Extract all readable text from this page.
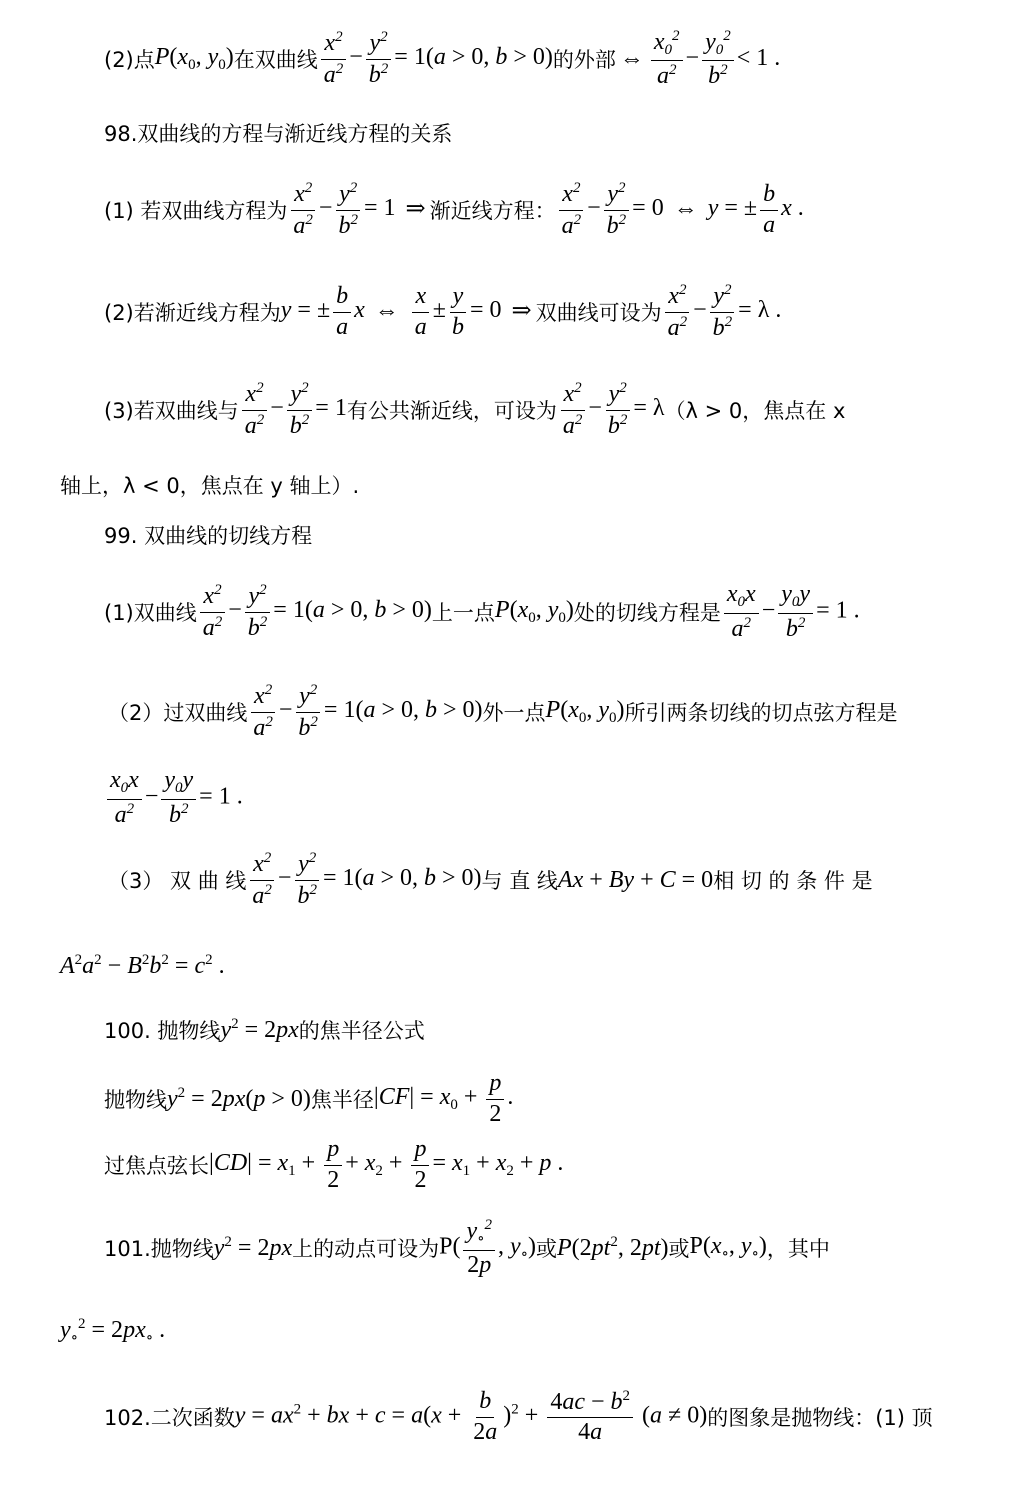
(2)点 $P(x_0$, $y_0$) 在双曲线 $\frac{x^2}{a^2} - \frac{y^2}{b^2} = 1(a > 0$, b > 0) 的外部 ⇔ $\frac{x_0^2}{a^2} - \frac{y_0^2}{b^2} < 1$ .
98.双曲线的方程与渐近线方程的关系
(1) 若双曲线方程为 $\frac{x^2}{a^2} - \frac{y^2}{b^2} = 1$ ⇒ 渐近线方程： $\frac{x^2}{a^2} - \frac{y^2}{b^2} = 0$ ⇔ y = ± $\frac{b}{a}$ x .
(2)若渐近线方程为 y = ± $\frac{b}{a}$ x ⇔ $\frac{x}{a} \pm \frac{y}{b} = 0$ ⇒ 双曲线可设为 $\frac{x^2}{a^2} - \frac{y^2}{b^2} = \lambda$ .
(3)若双曲线与 $\frac{x^2}{a^2} - \frac{y^2}{b^2} = 1$ 有公共渐近线，可设为 $\frac{x^2}{a^2} - \frac{y^2}{b^2} = \lambda$ （λ > 0，焦点在 x
轴上，λ < 0，焦点在 y 轴上）.
99. 双曲线的切线方程
(1)双曲线 $\frac{x^2}{a^2} - \frac{y^2}{b^2} = 1(a > 0$, b > 0) 上一点 $P(x_0$, $y_0$) 处的切线方程是 $\frac{x_0x}{a^2} - \frac{y_0y}{b^2} = 1$ .
（2）过双曲线 $\frac{x^2}{a^2} - \frac{y^2}{b^2} = 1(a > 0$, b > 0) 外一点 $P(x_0$, $y_0$) 所引两条切线的切点弦方程是
$\frac{x_0x}{a^2} - \frac{y_0y}{b^2} = 1$ .
（3） 双 曲 线 $\frac{x^2}{a^2} - \frac{y^2}{b^2} = 1(a > 0$, b > 0) 与 直 线 Ax + By + C = 0 相 切 的 条 件 是
$A^2a^2 - B^2b^2 = c^2$ .
100. 抛物线 $y^2 = 2px$ 的焦半径公式
抛物线 $y^2 = 2px(p > 0)$ 焦半径 $|CF| = x_0 + \frac{p}{2}$ .
过焦点弦长 $|CD| = x_1 + \frac{p}{2} + x_2 + \frac{p}{2} = x_1 + x_2 + p$ .
101.抛物线 $y^2 = 2px$ 上的动点可设为 $P( \frac{y_\circ^2}{2p}$ , $y_\circ$) 或 $P(2pt^2$, 2pt) 或 $P(x_\circ$, $y_\circ$) ，其中
$y_\circ^2 = 2px_\circ$ .
102.二次函数 $y = ax^2$ + bx + $c = a(x + \frac{b}{2a} )^2 + \frac{4ac - b^2}{4a} (a \ne 0)$ 的图象是抛物线：(1) 顶
